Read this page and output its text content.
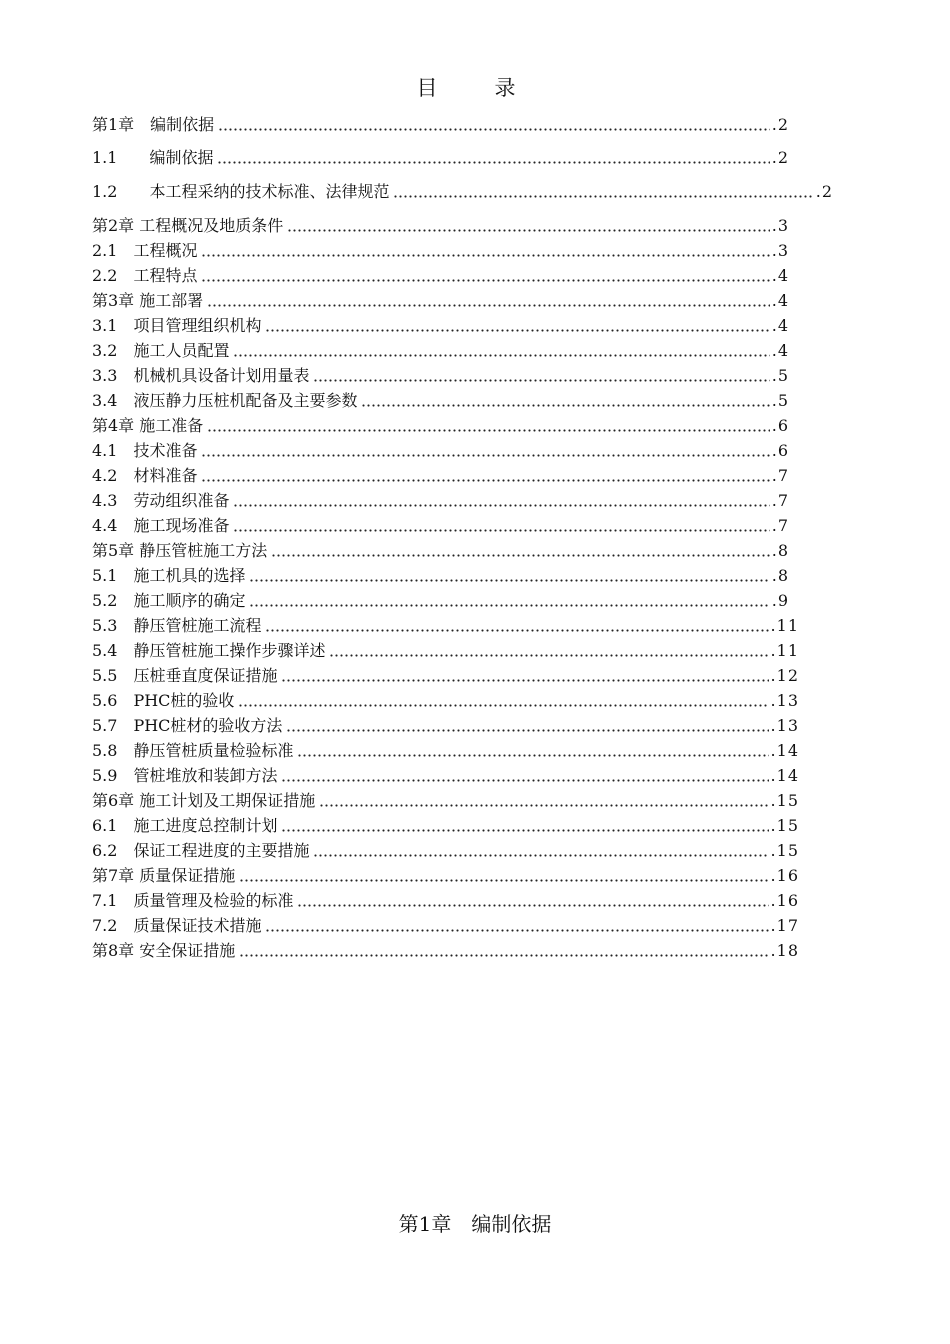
目　录
第1章　编制依据	.2
1.1　　编制依据	.2
1.2　　本工程采纳的技术标准、法律规范	.2
第2章 工程概况及地质条件	.3
2.1　工程概况	.3
2.2　工程特点	.4
第3章 施工部署	.4
3.1　项目管理组织机构	.4
3.2　施工人员配置	.4
3.3　机械机具设备计划用量表	.5
3.4　液压静力压桩机配备及主要参数	.5
第4章 施工准备	.6
4.1　技术准备	.6
4.2　材料准备	.7
4.3　劳动组织准备	.7
4.4　施工现场准备	.7
第5章 静压管桩施工方法	.8
5.1　施工机具的选择	.8
5.2　施工顺序的确定	.9
5.3　静压管桩施工流程	.11
5.4　静压管桩施工操作步骤详述	.11
5.5　压桩垂直度保证措施	.12
5.6　PHC桩的验收	.13
5.7　PHC桩材的验收方法	.13
5.8　静压管桩质量检验标准	.14
5.9　管桩堆放和装卸方法	.14
第6章 施工计划及工期保证措施	.15
6.1　施工进度总控制计划	.15
6.2　保证工程进度的主要措施	.15
第7章 质量保证措施	.16
7.1　质量管理及检验的标准	.16
7.2　质量保证技术措施	.17
第8章 安全保证措施	.18
第1章　编制依据
